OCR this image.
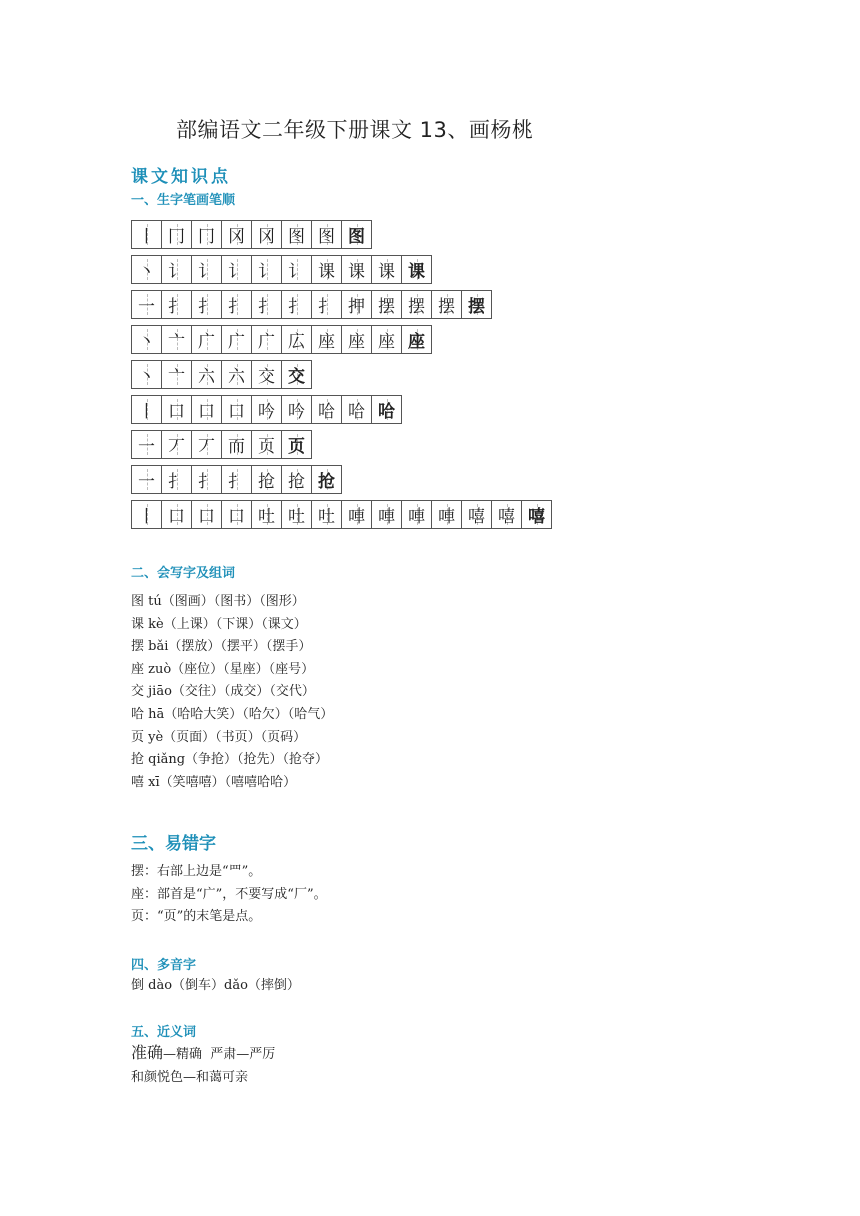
部编语文二年级下册课文 13、画杨桃
课文知识点
一、生字笔画笔顺
丨 冂 冂 冈 冈 图 图 图
丶 讠 讠 讠 讠 讠 课 课 课 课
一 扌 扌 扌 扌 扌 扌 押 摆 摆 摆 摆
丶 亠 广 广 广 広 座 座 座 座
丶 亠 六 六 交 交
丨 口 口 口 吟 吟 哈 哈 哈
一 丆 丆 而 页 页
一 扌 扌 扌 抢 抢 抢
丨 口 口 口 吐 吐 吐 唓 唓 唓 唓 嘻 嘻 嘻
二、会写字及组词
图 tú（图画）（图书）（图形）
课 kè（上课）（下课）（课文）
摆 bǎi（摆放）（摆平）（摆手）
座 zuò（座位）（星座）（座号）
交 jiāo（交往）（成交）（交代）
哈 hā（哈哈大笑）（哈欠）（哈气）
页 yè（页面）（书页）（页码）
抢 qiǎng（争抢）（抢先）（抢夺）
嘻 xī（笑嘻嘻）（嘻嘻哈哈）
三、易错字
摆：右部上边是“罒”。
座：部首是“广”，不要写成“厂”。
页：“页”的末笔是点。
四、多音字
倒 dào（倒车）dǎo（摔倒）
五、近义词
准确—精确  严肃—严厉
和颜悦色—和蔼可亲
